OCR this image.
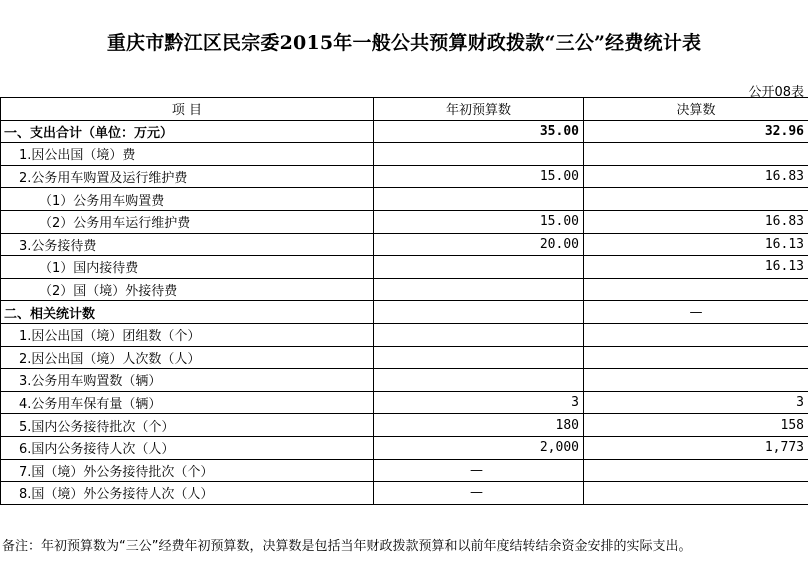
重庆市黔江区民宗委2015年一般公共预算财政拨款“三公”经费统计表
公开08表
项 目	年初预算数	决算数
一、支出合计（单位：万元）	35.00	32.96
1.因公出国（境）费		
2.公务用车购置及运行维护费	15.00	16.83
（1）公务用车购置费		
（2）公务用车运行维护费	15.00	16.83
3.公务接待费	20.00	16.13
（1）国内接待费		16.13
（2）国（境）外接待费		
二、相关统计数		—
1.因公出国（境）团组数（个）		
2.因公出国（境）人次数（人）		
3.公务用车购置数（辆）		
4.公务用车保有量（辆）	3	3
5.国内公务接待批次（个）	180	158
6.国内公务接待人次（人）	2,000	1,773
7.国（境）外公务接待批次（个）	—	
8.国（境）外公务接待人次（人）	—	
备注：年初预算数为“三公”经费年初预算数，决算数是包括当年财政拨款预算和以前年度结转结余资金安排的实际支出。
